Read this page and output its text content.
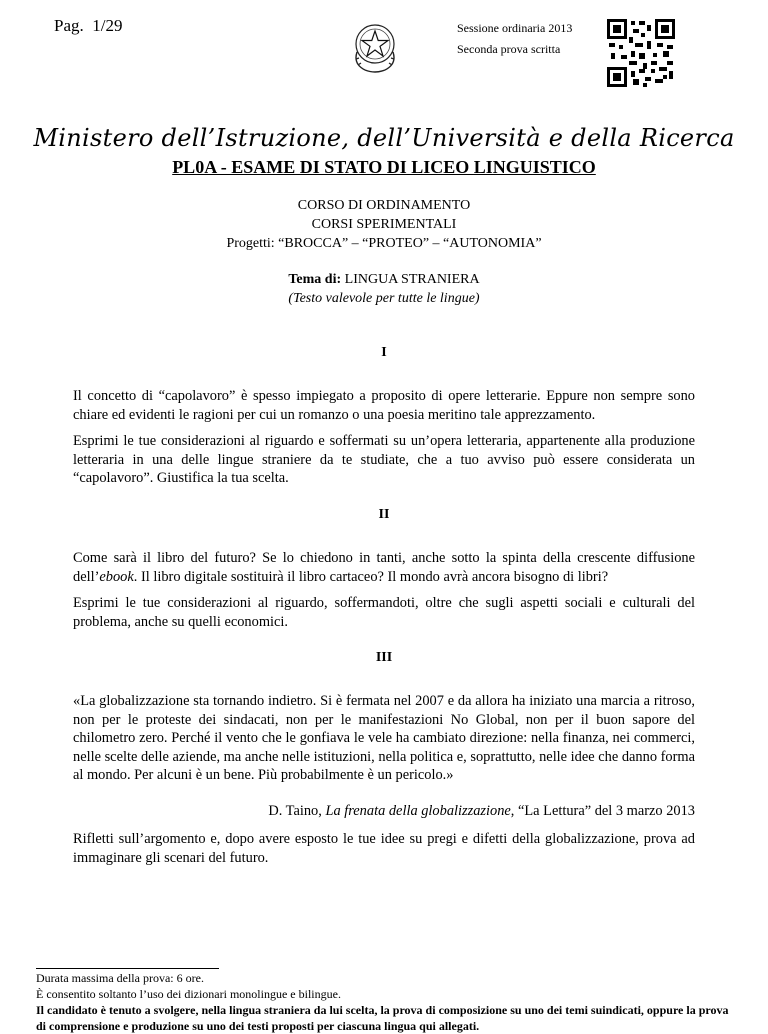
Pag. 1/29	Sessione ordinaria 2013
Seconda prova scritta
Ministero dell’Istruzione, dell’Università e della Ricerca
PL0A - ESAME DI STATO DI LICEO LINGUISTICO
CORSO DI ORDINAMENTO
CORSI SPERIMENTALI
Progetti: “BROCCA” – “PROTEO” – “AUTONOMIA”
Tema di: LINGUA STRANIERA
(Testo valevole per tutte le lingue)
I

Il concetto di “capolavoro” è spesso impiegato a proposito di opere letterarie. Eppure non sempre sono chiare ed evidenti le ragioni per cui un romanzo o una poesia meritino tale apprezzamento.

Esprimi le tue considerazioni al riguardo e soffermati su un’opera letteraria, appartenente alla produzione letteraria in una delle lingue straniere da te studiate, che a tuo avviso può essere considerata un “capolavoro”. Giustifica la tua scelta.

II

Come sarà il libro del futuro? Se lo chiedono in tanti, anche sotto la spinta della crescente diffusione dell’ebook. Il libro digitale sostituirà il libro cartaceo? Il mondo avrà ancora bisogno di libri?

Esprimi le tue considerazioni al riguardo, soffermandoti, oltre che sugli aspetti sociali e culturali del problema, anche su quelli economici.

III
«La globalizzazione sta tornando indietro. Si è fermata nel 2007 e da allora ha iniziato una marcia a ritroso, non per le proteste dei sindacati, non per le manifestazioni No Global, non per il buon sapore del chilometro zero. Perché il vento che le gonfiava le vele ha cambiato direzione: nella finanza, nei commerci, nelle scelte delle aziende, ma anche nelle istituzioni, nella politica e, soprattutto, nelle idee che danno forma al mondo. Per alcuni è un bene. Più probabilmente è un pericolo.»
D. Taino, La frenata della globalizzazione, “La Lettura” del 3 marzo 2013
Rifletti sull’argomento e, dopo avere esposto le tue idee su pregi e difetti della globalizzazione, prova ad immaginare gli scenari del futuro.
Durata massima della prova: 6 ore.
È consentito soltanto l’uso dei dizionari monolingue e bilingue.
Il candidato è tenuto a svolgere, nella lingua straniera da lui scelta, la prova di composizione su uno dei temi suindicati, oppure la prova di comprensione e produzione su uno dei testi proposti per ciascuna lingua qui allegati.
